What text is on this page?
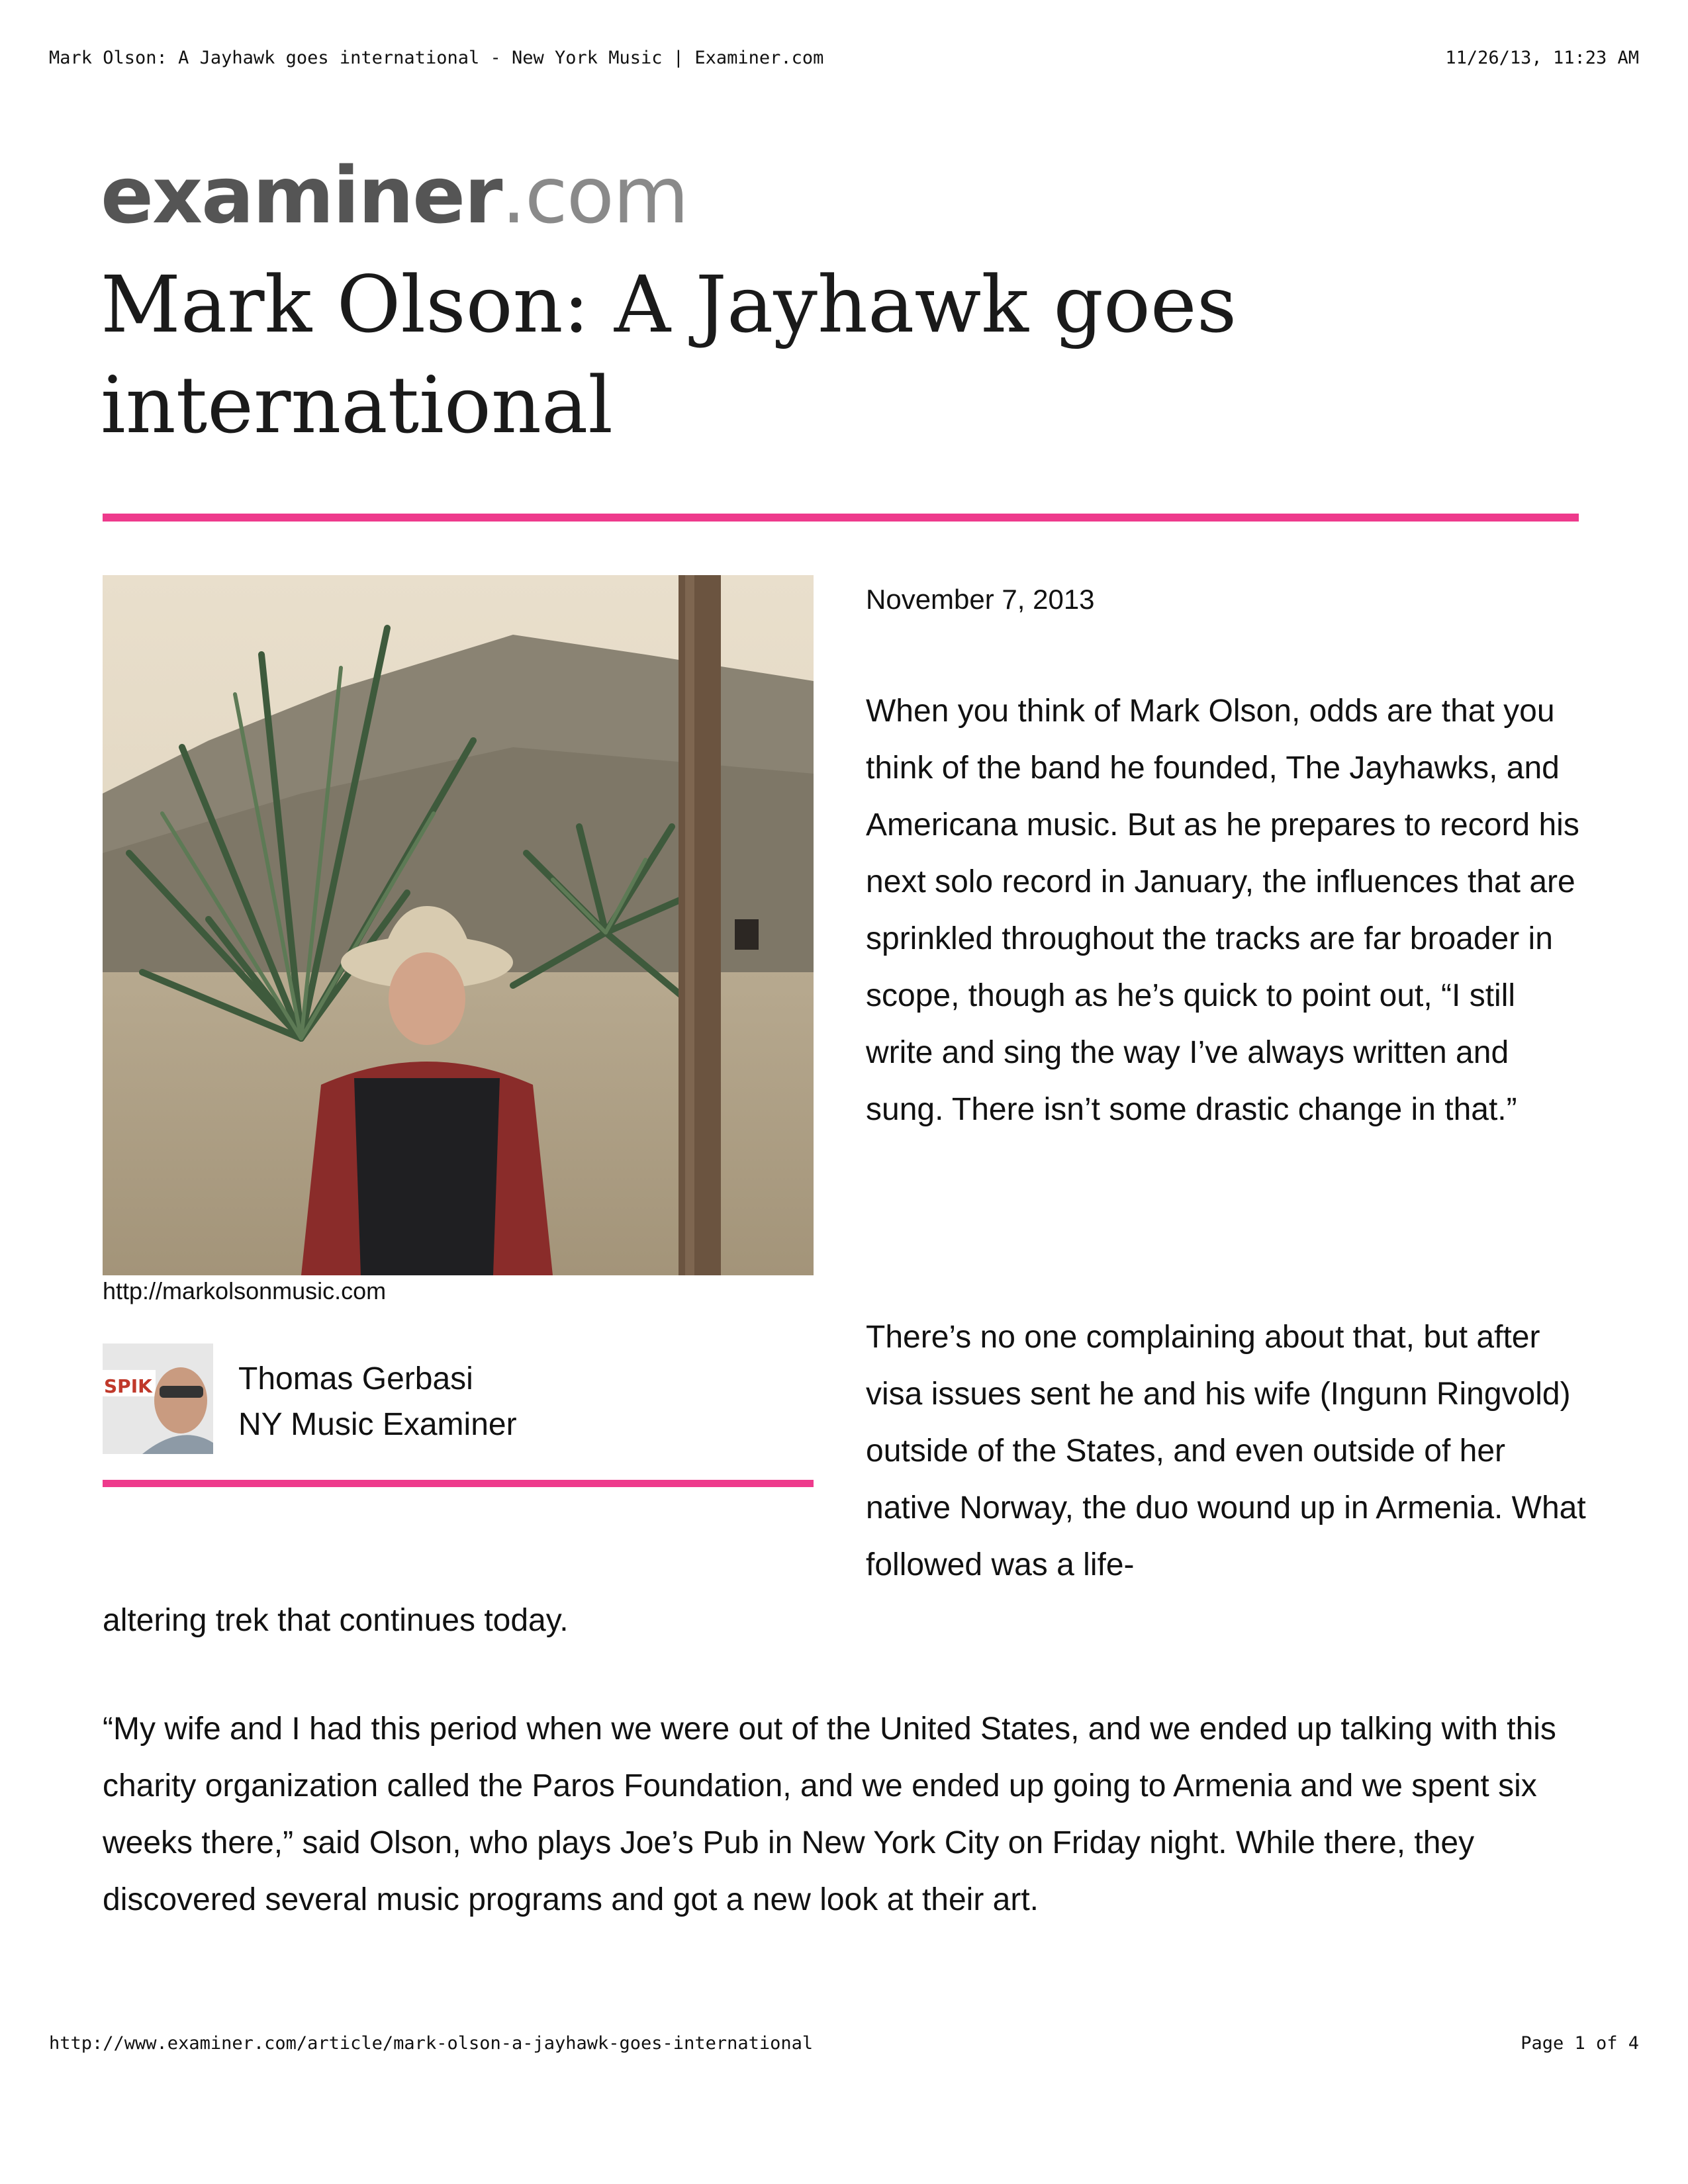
Mark Olson: A Jayhawk goes international - New York Music | Examiner.com	11/26/13, 11:23 AM
examiner.com
Mark Olson: A Jayhawk goes international
http://markolsonmusic.com
SPIK	Thomas Gerbasi
NY Music Examiner
November 7, 2013

When you think of Mark Olson, odds are that you think of the band he founded, The Jayhawks, and Americana music. But as he prepares to record his next solo record in January, the influences that are sprinkled throughout the tracks are far broader in scope, though as he’s quick to point out, “I still write and sing the way I’ve always written and sung. There isn’t some drastic change in that.”

There’s no one complaining about that, but after visa issues sent he and his wife (Ingunn Ringvold) outside of the States, and even outside of her native Norway, the duo wound up in Armenia. What followed was a life-

altering trek that continues today.

“My wife and I had this period when we were out of the United States, and we ended up talking with this charity organization called the Paros Foundation, and we ended up going to Armenia and we spent six weeks there,” said Olson, who plays Joe’s Pub in New York City on Friday night. While there, they discovered several music programs and got a new look at their art.

http://www.examiner.com/article/mark-olson-a-jayhawk-goes-international	Page 1 of 4
